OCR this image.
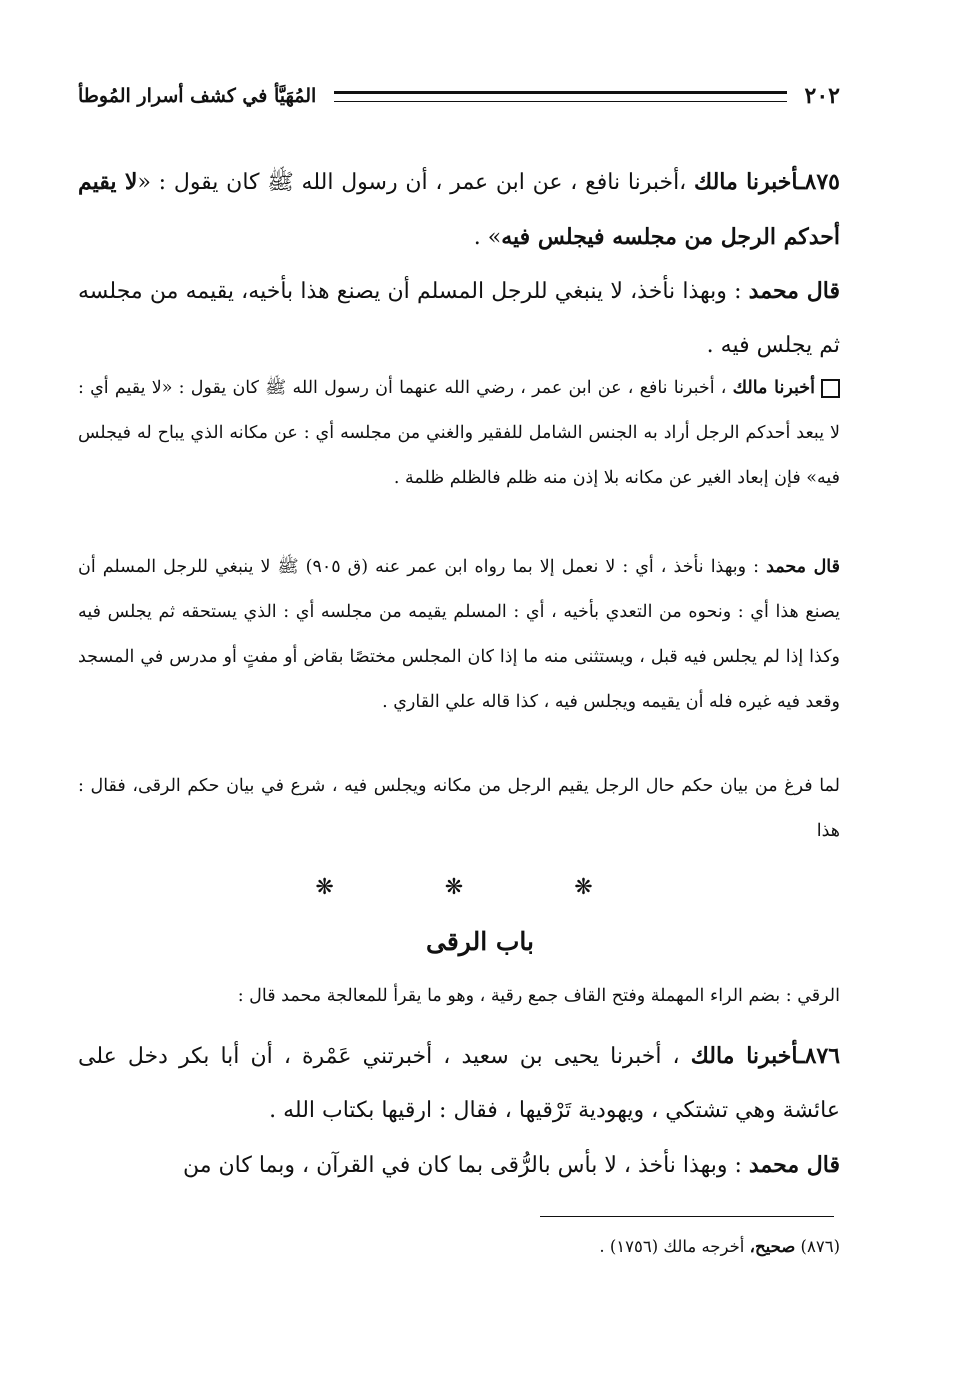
٢٠٢
المُهَيَّأ في كشف أسرار المُوطأ

٨٧٥ـأخبرنا مالك ،أخبرنا نافع ، عن ابن عمر ، أن رسول الله ﷺ كان يقول : «لا يقيم أحدكم الرجل من مجلسه فيجلس فيه» .

قال محمد : وبهذا نأخذ، لا ينبغي للرجل المسلم أن يصنع هذا بأخيه، يقيمه من مجلسه ثم يجلس فيه .

أخبرنا مالك ، أخبرنا نافع ، عن ابن عمر ، رضي الله عنهما أن رسول الله ﷺ كان يقول : «لا يقيم أي : لا يبعد أحدكم الرجل أراد به الجنس الشامل للفقير والغني من مجلسه أي : عن مكانه الذي يباح له فيجلس فيه» فإن إبعاد الغير عن مكانه بلا إذن منه ظلم فالظلم ظلمة .

قال محمد : وبهذا نأخذ ، أي : لا نعمل إلا بما رواه ابن عمر عنه (ق ٩٠٥) ﷺ لا ينبغي للرجل المسلم أن يصنع هذا أي : ونحوه من التعدي بأخيه ، أي : المسلم يقيمه من مجلسه أي : الذي يستحقه ثم يجلس فيه وكذا إذا لم يجلس فيه قبل ، ويستثنى منه ما إذا كان المجلس مختصًا بقاض أو مفتٍ أو مدرس في المسجد وقعد فيه غيره فله أن يقيمه ويجلس فيه ، كذا قاله علي القاري .

لما فرغ من بيان حكم حال الرجل يقيم الرجل من مكانه ويجلس فيه ، شرع في بيان حكم الرقى، فقال : هذا

❋ ❋ ❋
باب الرقى

الرقي : بضم الراء المهملة وفتح القاف جمع رقية ، وهو ما يقرأ للمعالجة محمد قال :

٨٧٦ـأخبرنا مالك ، أخبرنا يحيى بن سعيد ، أخبرتني عَمْرة ، أن أبا بكر دخل على عائشة وهي تشتكي ، ويهودية تَرْقيها ، فقال : ارقيها بكتاب الله .

قال محمد : وبهذا نأخذ ، لا بأس بالرُّقى بما كان في القرآن ، وبما كان من

(٨٧٦) صحيح، أخرجه مالك (١٧٥٦) .
